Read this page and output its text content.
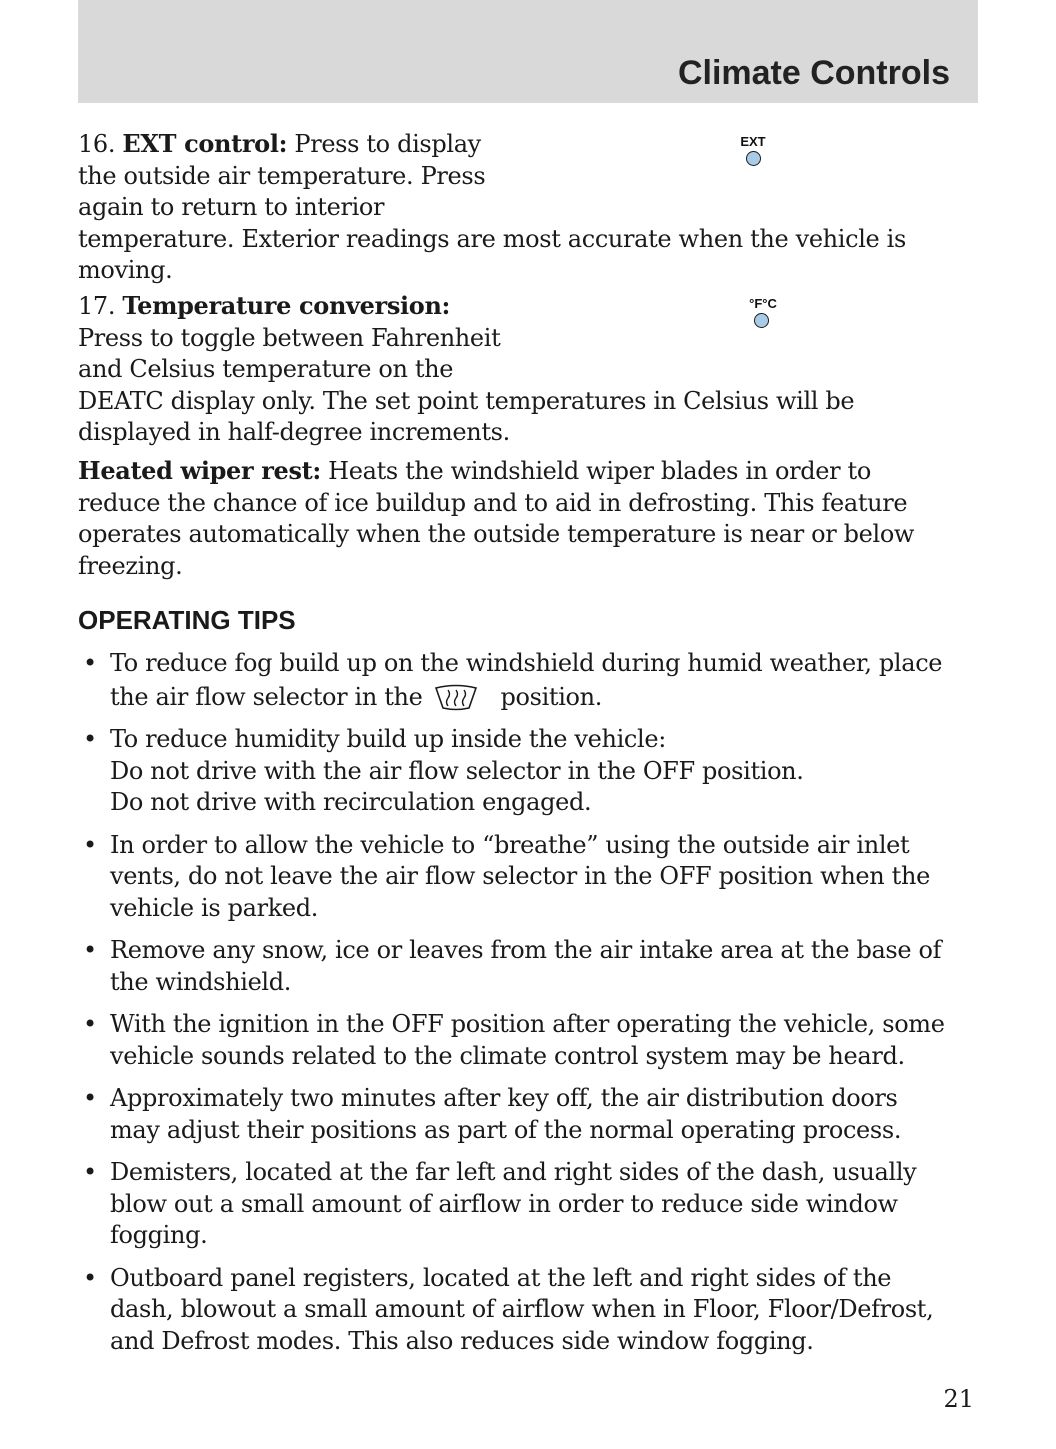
Climate Controls
16. EXT control: Press to display
the outside air temperature. Press
again to return to interior
temperature. Exterior readings are most accurate when the vehicle is
moving.
EXT
17. Temperature conversion:
Press to toggle between Fahrenheit
and Celsius temperature on the
DEATC display only. The set point temperatures in Celsius will be
displayed in half-degree increments.
°F°C
Heated wiper rest: Heats the windshield wiper blades in order to
reduce the chance of ice buildup and to aid in defrosting. This feature
operates automatically when the outside temperature is near or below
freezing.
OPERATING TIPS
• To reduce fog build up on the windshield during humid weather, place
the air flow selector in the	position.
• To reduce humidity build up inside the vehicle:
Do not drive with the air flow selector in the OFF position.
Do not drive with recirculation engaged.
• In order to allow the vehicle to “breathe” using the outside air inlet
vents, do not leave the air flow selector in the OFF position when the
vehicle is parked.
• Remove any snow, ice or leaves from the air intake area at the base of
the windshield.
• With the ignition in the OFF position after operating the vehicle, some
vehicle sounds related to the climate control system may be heard.
• Approximately two minutes after key off, the air distribution doors
may adjust their positions as part of the normal operating process.
• Demisters, located at the far left and right sides of the dash, usually
blow out a small amount of airflow in order to reduce side window
fogging.
• Outboard panel registers, located at the left and right sides of the
dash, blowout a small amount of airflow when in Floor, Floor/Defrost,
and Defrost modes. This also reduces side window fogging.
21
